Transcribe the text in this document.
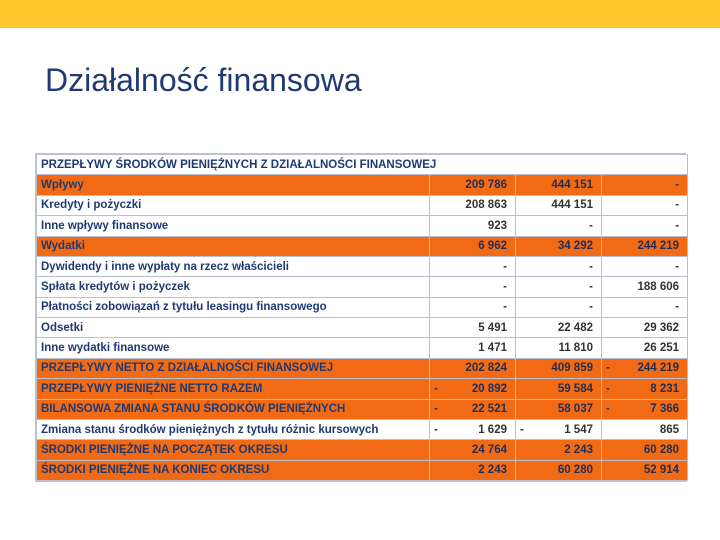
Działalność finansowa
PRZEPŁYWY ŚRODKÓW PIENIĘŻNYCH Z DZIAŁALNOŚCI FINANSOWEJ			
Wpływy	209 786	444 151	-
Kredyty i pożyczki	208 863	444 151	-
Inne wpływy finansowe	923	-	-
Wydatki	6 962	34 292	244 219
Dywidendy i inne wypłaty na rzecz właścicieli	-	-	-
Spłata kredytów i pożyczek	-	-	188 606
Płatności zobowiązań z tytułu leasingu finansowego	-	-	-
Odsetki	5 491	22 482	29 362
Inne wydatki finansowe	1 471	11 810	26 251
PRZEPŁYWY NETTO Z DZIAŁALNOŚCI FINANSOWEJ	202 824	409 859	- 244 219
PRZEPŁYWY PIENIĘŻNE NETTO RAZEM	- 20 892	59 584	- 8 231
BILANSOWA ZMIANA STANU ŚRODKÓW PIENIĘŻNYCH	- 22 521	58 037	- 7 366
Zmiana stanu środków pieniężnych z tytułu różnic kursowych	- 1 629	- 1 547	865
ŚRODKI PIENIĘŻNE NA POCZĄTEK OKRESU	24 764	2 243	60 280
ŚRODKI PIENIĘŻNE NA KONIEC OKRESU	2 243	60 280	52 914
